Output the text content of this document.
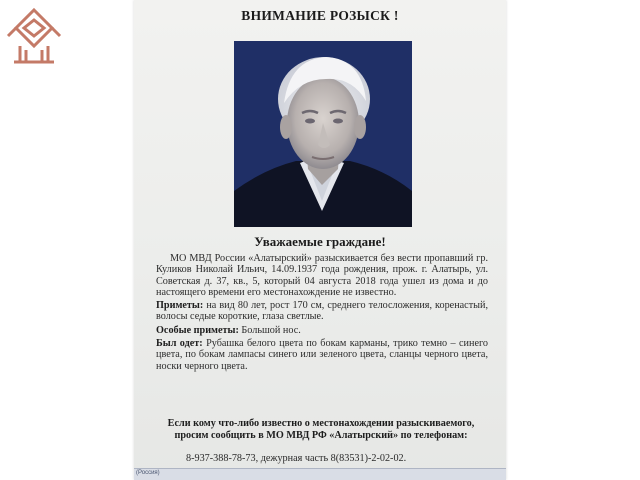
ВНИМАНИЕ РОЗЫСК !
Уважаемые граждане!

МО МВД России «Алатырский» разыскивается без вести пропавший гр. Куликов Николай Ильич, 14.09.1937 года рождения, прож. г. Алатырь, ул. Советская д. 37, кв., 5, который 04 августа 2018 года ушел из дома и до настоящего времени его местонахождение не известно.

Приметы: на вид 80 лет, рост 170 см, среднего телосложения, коренастый, волосы седые короткие, глаза светлые.

Особые приметы: Большой нос.

Был одет: Рубашка белого цвета по бокам карманы, трико темно – синего цвета, по бокам лампасы синего или зеленого цвета, сланцы черного цвета, носки черного цвета.

Если кому что-либо известно о местонахождении разыскиваемого, просим сообщить в МО МВД РФ «Алатырский» по телефонам:
8-937-388-78-73, дежурная часть 8(83531)-2-02-02.
(Россия)
